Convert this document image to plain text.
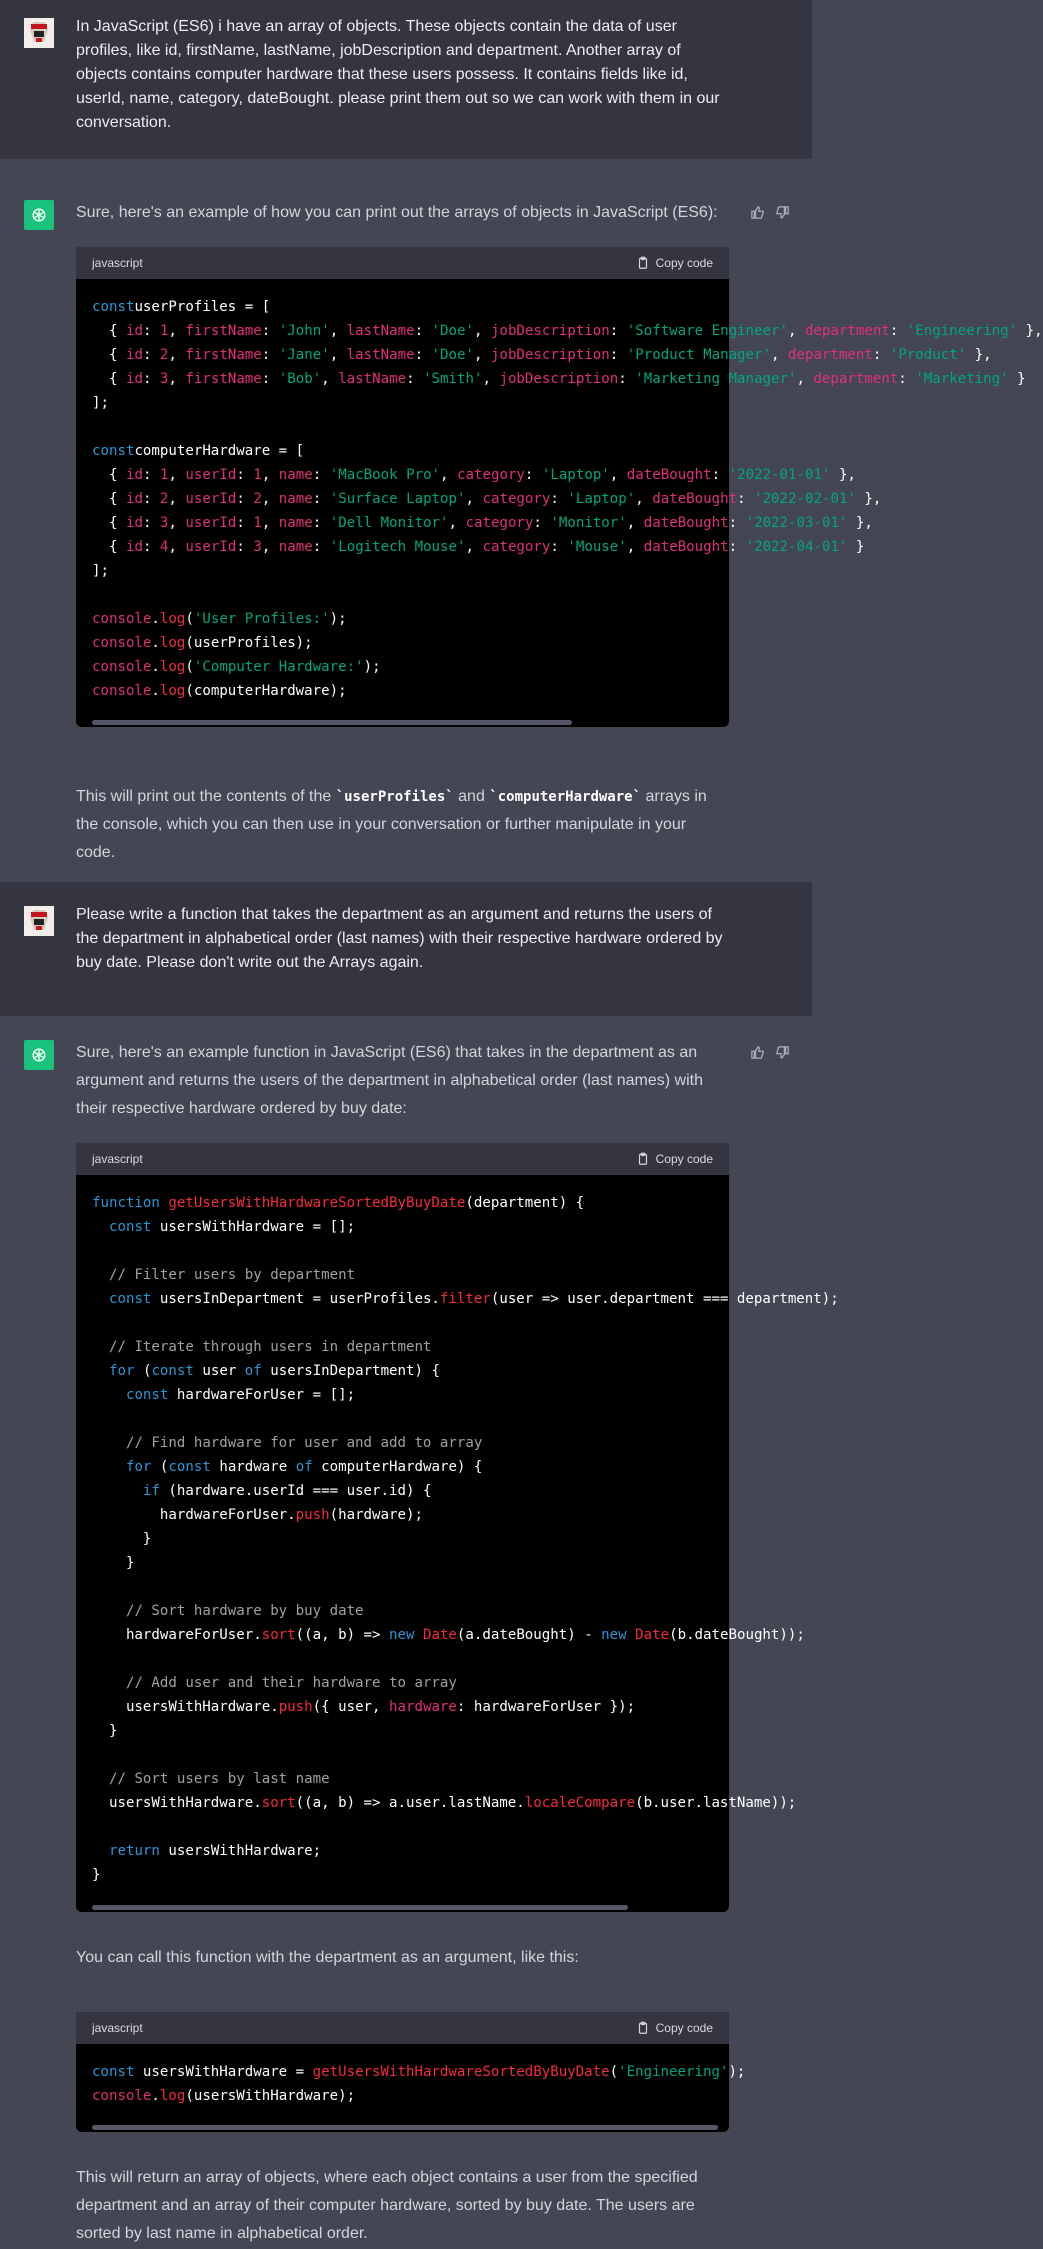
In JavaScript (ES6) i have an array of objects. These objects contain the data of user profiles, like id, firstName, lastName, jobDescription and department. Another array of objects contains computer hardware that these users possess. It contains fields like id, userId, name, category, dateBought. please print them out so we can work with them in our conversation.

Sure, here's an example of how you can print out the arrays of objects in JavaScript (ES6):

javascript	Copy code
constuserProfiles = [
{ id: 1, firstName: 'John', lastName: 'Doe', jobDescription: 'Software Engineer', department: 'Engineering' },
{ id: 2, firstName: 'Jane', lastName: 'Doe', jobDescription: 'Product Manager', department: 'Product' },
{ id: 3, firstName: 'Bob', lastName: 'Smith', jobDescription: 'Marketing Manager', department: 'Marketing' }
];

constcomputerHardware = [
{ id: 1, userId: 1, name: 'MacBook Pro', category: 'Laptop', dateBought: '2022-01-01' },
{ id: 2, userId: 2, name: 'Surface Laptop', category: 'Laptop', dateBought: '2022-02-01' },
{ id: 3, userId: 1, name: 'Dell Monitor', category: 'Monitor', dateBought: '2022-03-01' },
{ id: 4, userId: 3, name: 'Logitech Mouse', category: 'Mouse', dateBought: '2022-04-01' }
];

console.log('User Profiles:');
console.log(userProfiles);
console.log('Computer Hardware:');
console.log(computerHardware);

This will print out the contents of the `userProfiles` and `computerHardware` arrays in the console, which you can then use in your conversation or further manipulate in your code.

Please write a function that takes the department as an argument and returns the users of the department in alphabetical order (last names) with their respective hardware ordered by buy date. Please don't write out the Arrays again.

Sure, here's an example function in JavaScript (ES6) that takes in the department as an argument and returns the users of the department in alphabetical order (last names) with their respective hardware ordered by buy date:

javascript	Copy code
function getUsersWithHardwareSortedByBuyDate(department) {
const usersWithHardware = [];

// Filter users by department
const usersInDepartment = userProfiles.filter(user => user.department === department);

// Iterate through users in department
for (const user of usersInDepartment) {
const hardwareForUser = [];

// Find hardware for user and add to array
for (const hardware of computerHardware) {
if (hardware.userId === user.id) {
hardwareForUser.push(hardware);
}
}

// Sort hardware by buy date
hardwareForUser.sort((a, b) => new Date(a.dateBought) - new Date(b.dateBought));

// Add user and their hardware to array
usersWithHardware.push({ user, hardware: hardwareForUser });
}

// Sort users by last name
usersWithHardware.sort((a, b) => a.user.lastName.localeCompare(b.user.lastName));

return usersWithHardware;
}

You can call this function with the department as an argument, like this:

javascript	Copy code
const usersWithHardware = getUsersWithHardwareSortedByBuyDate('Engineering');
console.log(usersWithHardware);

This will return an array of objects, where each object contains a user from the specified department and an array of their computer hardware, sorted by buy date. The users are sorted by last name in alphabetical order.
